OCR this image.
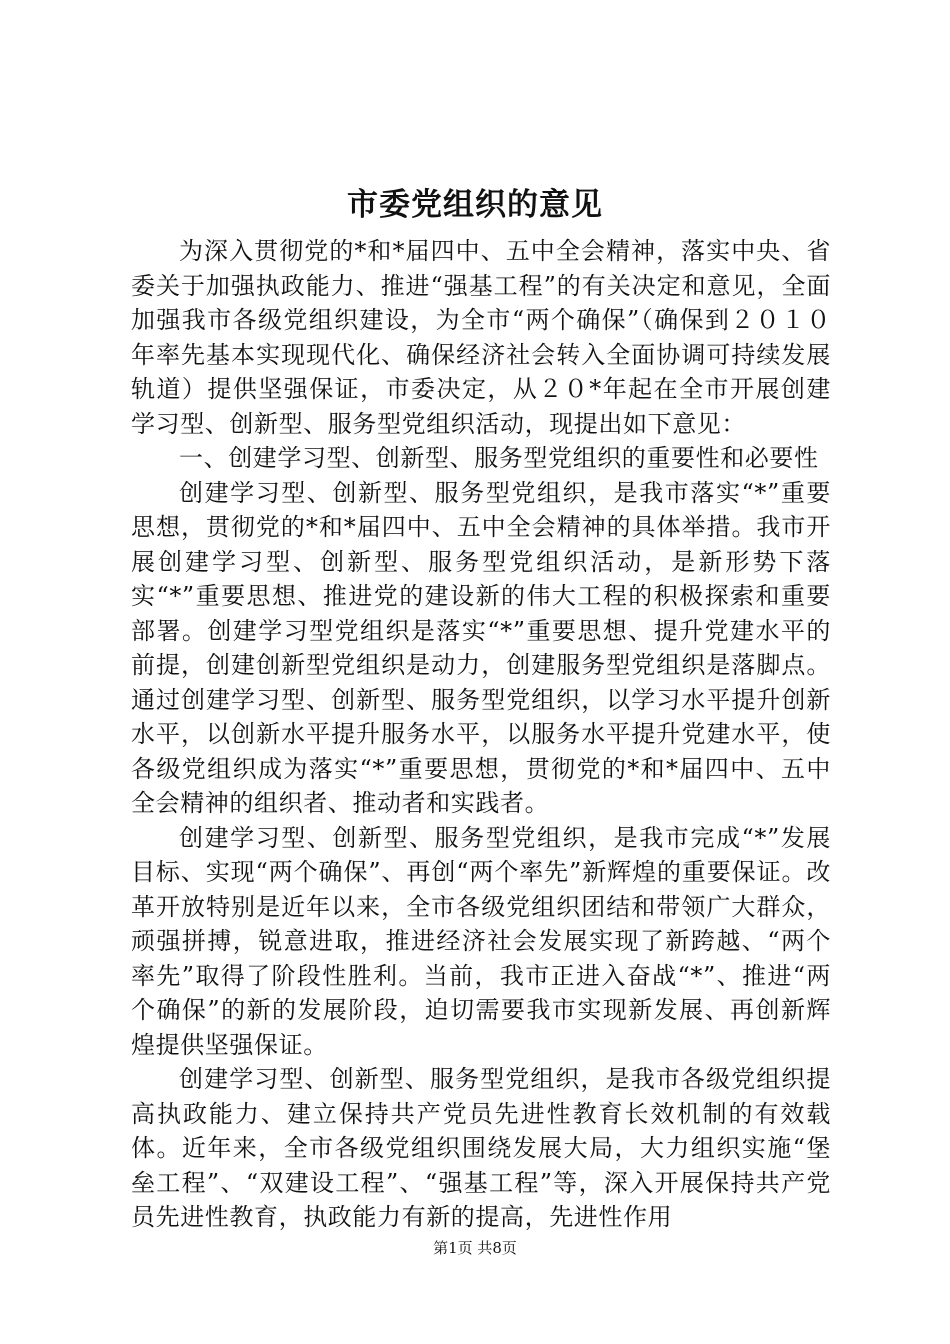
市委党组织的意见

为深入贯彻党的*和*届四中、五中全会精神，落实中央、省委关于加强执政能力、推进“强基工程”的有关决定和意见，全面加强我市各级党组织建设，为全市“两个确保”（确保到２０１０年率先基本实现现代化、确保经济社会转入全面协调可持续发展轨道）提供坚强保证，市委决定，从２０*年起在全市开展创建学习型、创新型、服务型党组织活动，现提出如下意见：

一、创建学习型、创新型、服务型党组织的重要性和必要性

创建学习型、创新型、服务型党组织，是我市落实“*”重要思想，贯彻党的*和*届四中、五中全会精神的具体举措。我市开展创建学习型、创新型、服务型党组织活动，是新形势下落实“*”重要思想、推进党的建设新的伟大工程的积极探索和重要部署。创建学习型党组织是落实“*”重要思想、提升党建水平的前提，创建创新型党组织是动力，创建服务型党组织是落脚点。通过创建学习型、创新型、服务型党组织，以学习水平提升创新水平，以创新水平提升服务水平，以服务水平提升党建水平，使各级党组织成为落实“*”重要思想，贯彻党的*和*届四中、五中全会精神的组织者、推动者和实践者。

创建学习型、创新型、服务型党组织，是我市完成“*”发展目标、实现“两个确保”、再创“两个率先”新辉煌的重要保证。改革开放特别是近年以来，全市各级党组织团结和带领广大群众，顽强拼搏，锐意进取，推进经济社会发展实现了新跨越、“两个率先”取得了阶段性胜利。当前，我市正进入奋战“*”、推进“两个确保”的新的发展阶段，迫切需要我市实现新发展、再创新辉煌提供坚强保证。

创建学习型、创新型、服务型党组织，是我市各级党组织提高执政能力、建立保持共产党员先进性教育长效机制的有效载体。近年来，全市各级党组织围绕发展大局，大力组织实施“堡垒工程”、“双建设工程”、“强基工程”等，深入开展保持共产党员先进性教育，执政能力有新的提高，先进性作用

第1页 共8页
